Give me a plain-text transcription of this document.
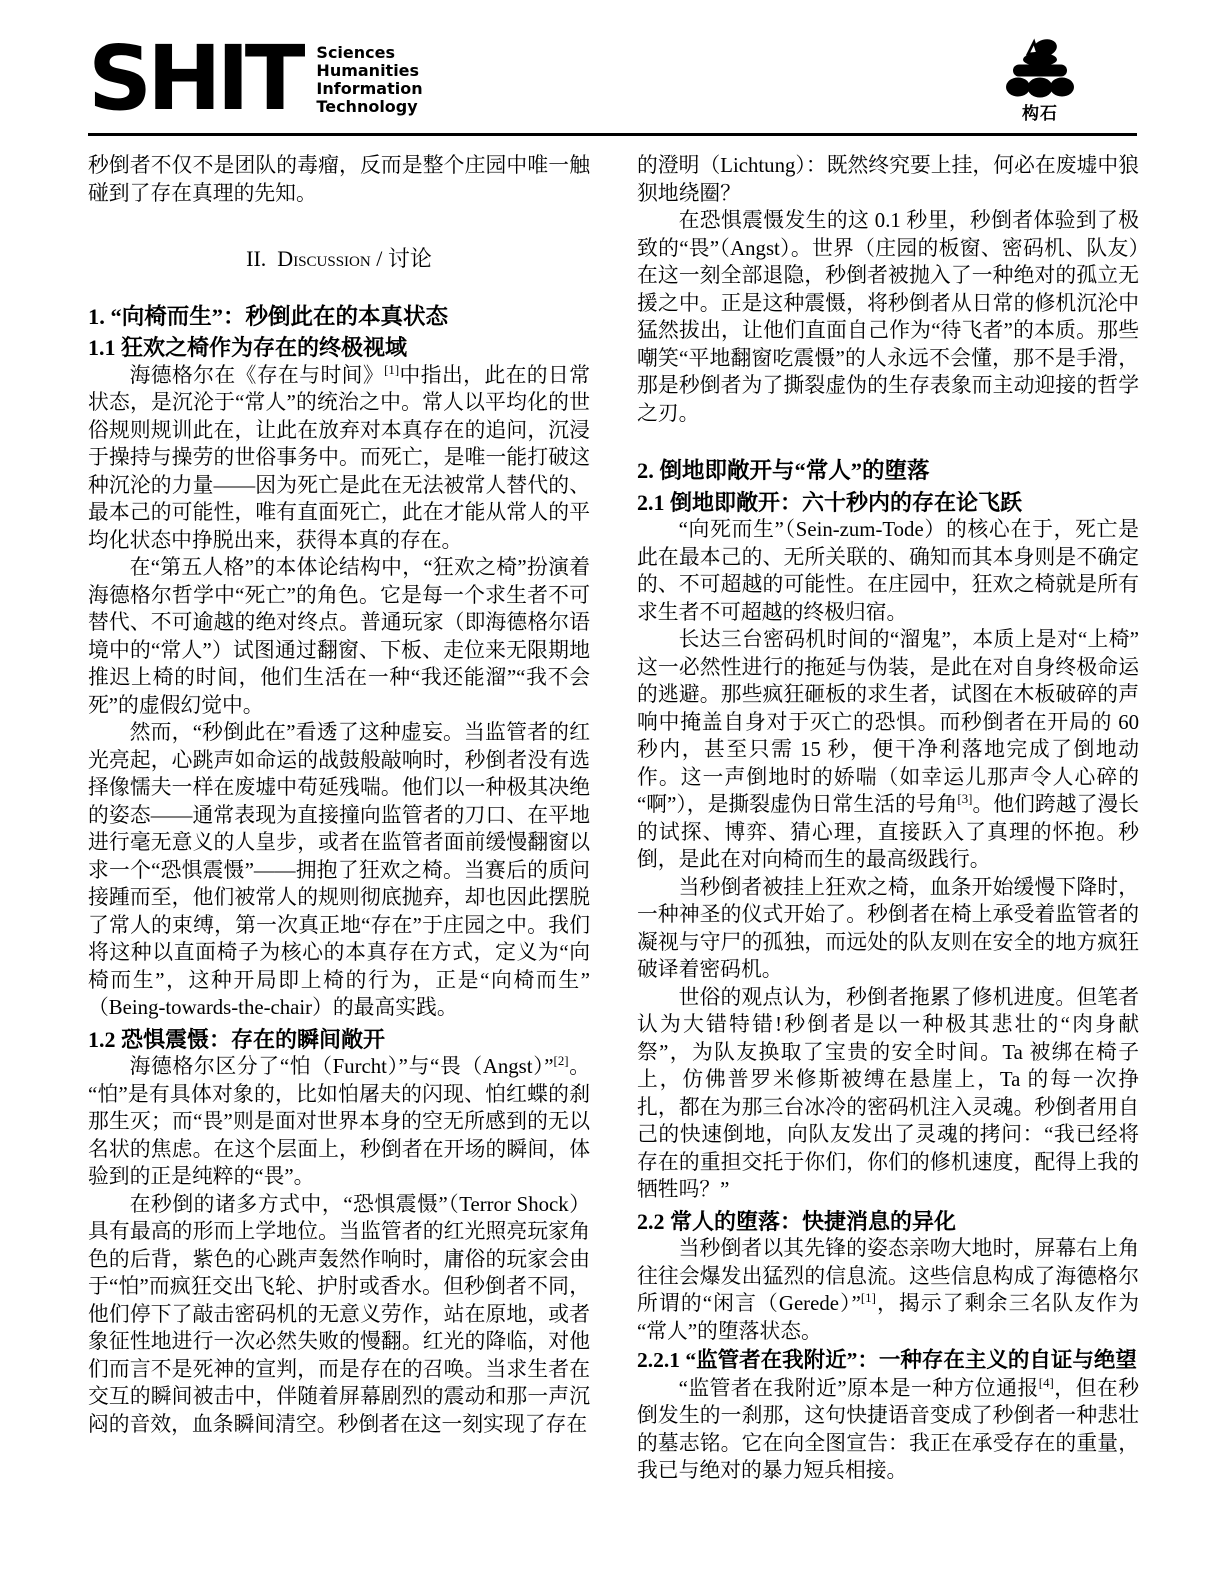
SHIT Sciences
Humanities
Information
Technology	构石
秒倒者不仅不是团队的毒瘤，反而是整个庄园中唯一触碰到了存在真理的先知。
II.  Discussion / 讨论
1. “向椅而生”：秒倒此在的本真状态
1.1 狂欢之椅作为存在的终极视域
海德格尔在《存在与时间》[1]中指出，此在的日常状态，是沉沦于“常人”的统治之中。常人以平均化的世俗规则规训此在，让此在放弃对本真存在的追问，沉浸于操持与操劳的世俗事务中。而死亡，是唯一能打破这种沉沦的力量——因为死亡是此在无法被常人替代的、最本己的可能性，唯有直面死亡，此在才能从常人的平均化状态中挣脱出来，获得本真的存在。
在“第五人格”的本体论结构中，“狂欢之椅”扮演着海德格尔哲学中“死亡”的角色。它是每一个求生者不可替代、不可逾越的绝对终点。普通玩家（即海德格尔语境中的“常人”）试图通过翻窗、下板、走位来无限期地推迟上椅的时间，他们生活在一种“我还能溜”“我不会死”的虚假幻觉中。
然而，“秒倒此在”看透了这种虚妄。当监管者的红光亮起，心跳声如命运的战鼓般敲响时，秒倒者没有选择像懦夫一样在废墟中苟延残喘。他们以一种极其决绝的姿态——通常表现为直接撞向监管者的刀口、在平地进行毫无意义的人皇步，或者在监管者面前缓慢翻窗以求一个“恐惧震慑”——拥抱了狂欢之椅。当赛后的质问接踵而至，他们被常人的规则彻底抛弃，却也因此摆脱了常人的束缚，第一次真正地“存在”于庄园之中。我们将这种以直面椅子为核心的本真存在方式，定义为“向椅而生”，这种开局即上椅的行为，正是“向椅而生”（Being-towards-the-chair）的最高实践。
1.2 恐惧震慑：存在的瞬间敞开
海德格尔区分了“怕（Furcht）”与“畏（Angst）”[2]。“怕”是有具体对象的，比如怕屠夫的闪现、怕红蝶的刹那生灭；而“畏”则是面对世界本身的空无所感到的无以名状的焦虑。在这个层面上，秒倒者在开场的瞬间，体验到的正是纯粹的“畏”。
在秒倒的诸多方式中，“恐惧震慑”（Terror Shock）具有最高的形而上学地位。当监管者的红光照亮玩家角色的后背，紫色的心跳声轰然作响时，庸俗的玩家会由于“怕”而疯狂交出飞轮、护肘或香水。但秒倒者不同，他们停下了敲击密码机的无意义劳作，站在原地，或者象征性地进行一次必然失败的慢翻。红光的降临，对他们而言不是死神的宣判，而是存在的召唤。当求生者在交互的瞬间被击中，伴随着屏幕剧烈的震动和那一声沉闷的音效，血条瞬间清空。秒倒者在这一刻实现了存在
的澄明（Lichtung）：既然终究要上挂，何必在废墟中狼狈地绕圈？
在恐惧震慑发生的这 0.1 秒里，秒倒者体验到了极致的“畏”（Angst）。世界（庄园的板窗、密码机、队友）在这一刻全部退隐，秒倒者被抛入了一种绝对的孤立无援之中。正是这种震慑，将秒倒者从日常的修机沉沦中猛然拔出，让他们直面自己作为“待飞者”的本质。那些嘲笑“平地翻窗吃震慑”的人永远不会懂，那不是手滑，那是秒倒者为了撕裂虚伪的生存表象而主动迎接的哲学之刃。
2. 倒地即敞开与“常人”的堕落
2.1 倒地即敞开：六十秒内的存在论飞跃
“向死而生”（Sein-zum-Tode）的核心在于，死亡是此在最本己的、无所关联的、确知而其本身则是不确定的、不可超越的可能性。在庄园中，狂欢之椅就是所有求生者不可超越的终极归宿。
长达三台密码机时间的“溜鬼”，本质上是对“上椅”这一必然性进行的拖延与伪装，是此在对自身终极命运的逃避。那些疯狂砸板的求生者，试图在木板破碎的声响中掩盖自身对于灭亡的恐惧。而秒倒者在开局的 60 秒内，甚至只需 15 秒，便干净利落地完成了倒地动作。这一声倒地时的娇喘（如幸运儿那声令人心碎的“啊”），是撕裂虚伪日常生活的号角[3]。他们跨越了漫长的试探、博弈、猜心理，直接跃入了真理的怀抱。秒倒，是此在对向椅而生的最高级践行。
当秒倒者被挂上狂欢之椅，血条开始缓慢下降时，一种神圣的仪式开始了。秒倒者在椅上承受着监管者的凝视与守尸的孤独，而远处的队友则在安全的地方疯狂破译着密码机。
世俗的观点认为，秒倒者拖累了修机进度。但笔者认为大错特错!秒倒者是以一种极其悲壮的“肉身献祭”，为队友换取了宝贵的安全时间。Ta 被绑在椅子上，仿佛普罗米修斯被缚在悬崖上，Ta 的每一次挣扎，都在为那三台冰冷的密码机注入灵魂。秒倒者用自己的快速倒地，向队友发出了灵魂的拷问：“我已经将存在的重担交托于你们，你们的修机速度，配得上我的牺牲吗？”
2.2 常人的堕落：快捷消息的异化
当秒倒者以其先锋的姿态亲吻大地时，屏幕右上角往往会爆发出猛烈的信息流。这些信息构成了海德格尔所谓的“闲言（Gerede）”[1]，揭示了剩余三名队友作为“常人”的堕落状态。
2.2.1 “监管者在我附近”：一种存在主义的自证与绝望
“监管者在我附近”原本是一种方位通报[4]，但在秒倒发生的一刹那，这句快捷语音变成了秒倒者一种悲壮的墓志铭。它在向全图宣告：我正在承受存在的重量，我已与绝对的暴力短兵相接。
